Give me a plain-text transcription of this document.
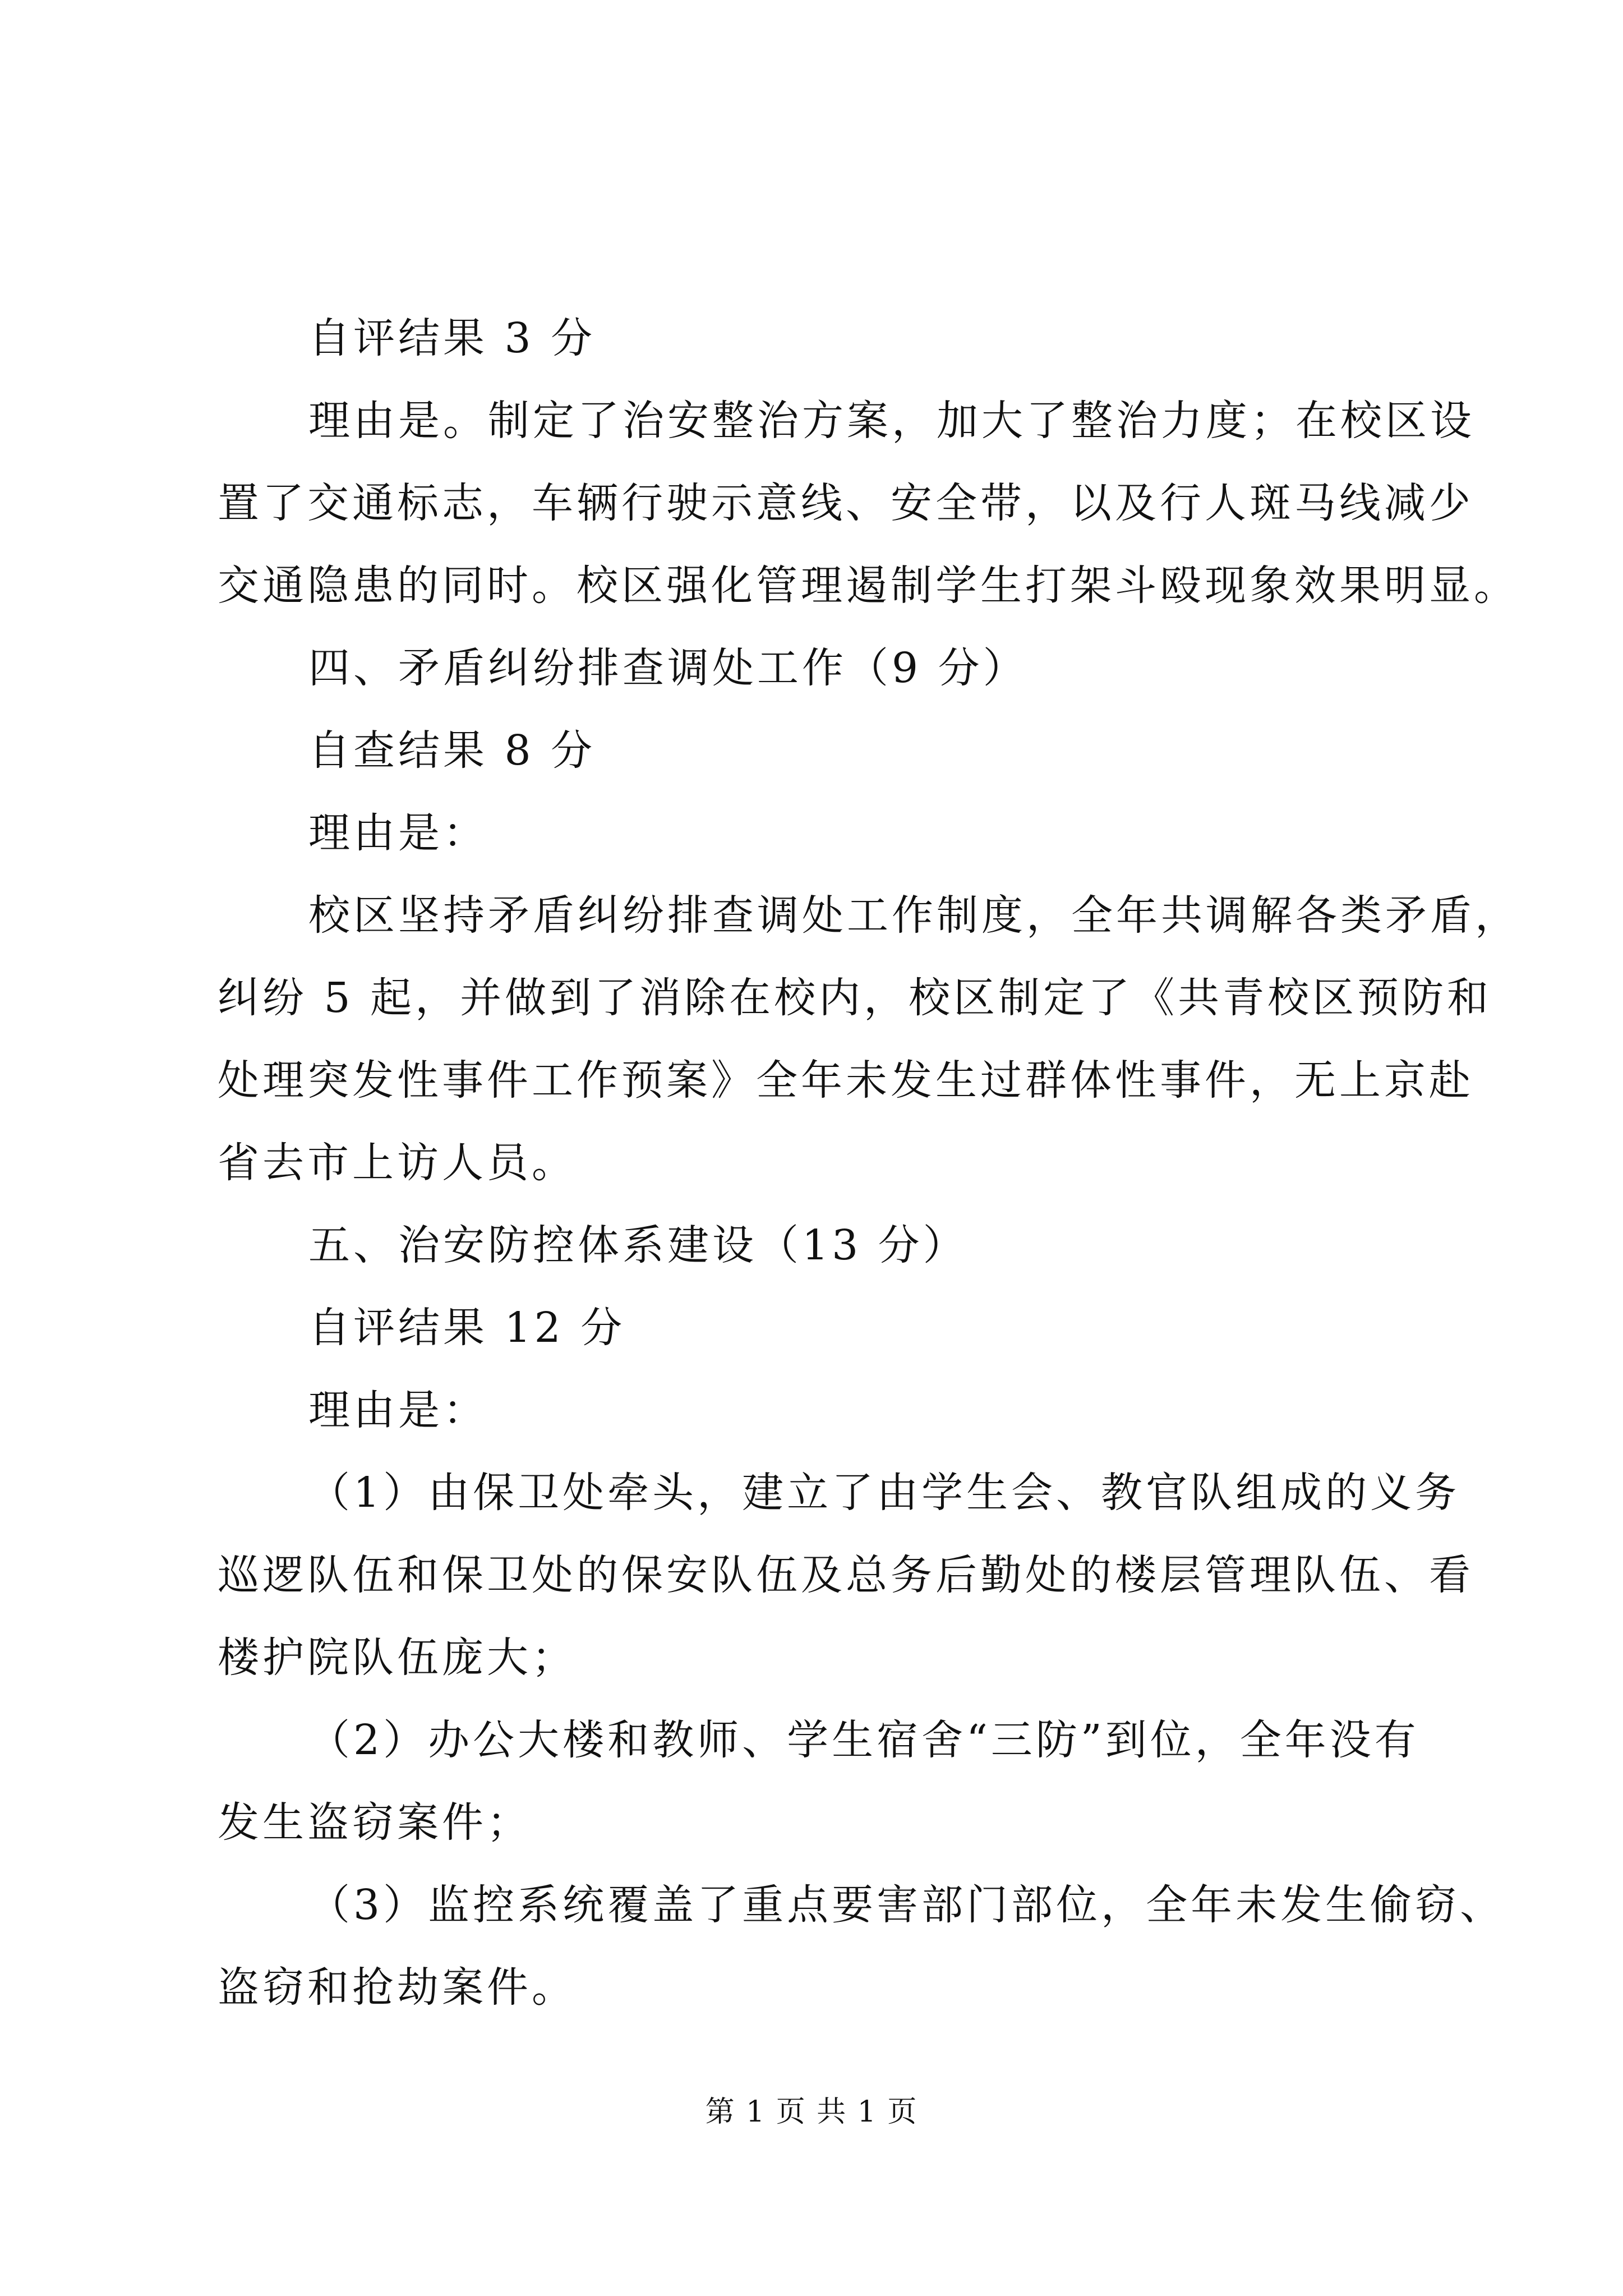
自评结果 3 分
理由是。制定了治安整治方案，加大了整治力度；在校区设
置了交通标志，车辆行驶示意线、安全带，以及行人斑马线减少
交通隐患的同时。校区强化管理遏制学生打架斗殴现象效果明显。
四、矛盾纠纷排查调处工作（9 分）
自查结果 8 分
理由是：
校区坚持矛盾纠纷排查调处工作制度，全年共调解各类矛盾，
纠纷 5 起，并做到了消除在校内，校区制定了《共青校区预防和
处理突发性事件工作预案》全年未发生过群体性事件，无上京赴
省去市上访人员。
五、治安防控体系建设（13 分）
自评结果 12 分
理由是：
（1）由保卫处牵头，建立了由学生会、教官队组成的义务
巡逻队伍和保卫处的保安队伍及总务后勤处的楼层管理队伍、看
楼护院队伍庞大；
（2）办公大楼和教师、学生宿舍“三防”到位，全年没有
发生盗窃案件；
（3）监控系统覆盖了重点要害部门部位，全年未发生偷窃、
盗窃和抢劫案件。
第 1 页 共 1 页
